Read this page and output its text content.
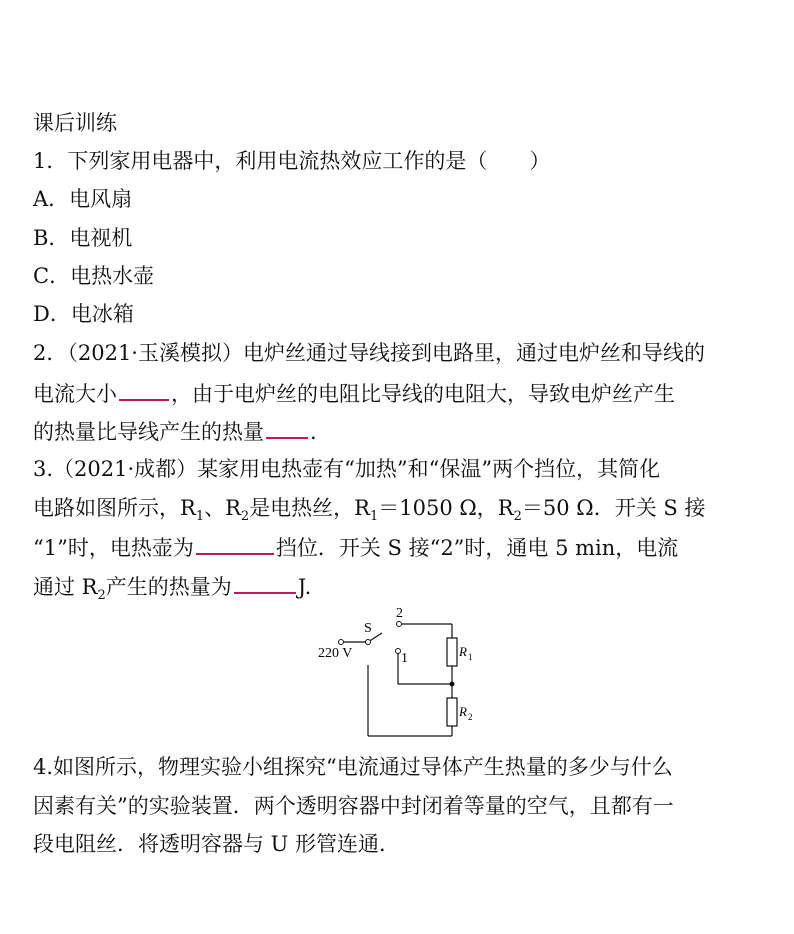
课后训练
1．下列家用电器中，利用电流热效应工作的是（ ）
A．电风扇
B．电视机
C．电热水壶
D．电冰箱
2．（2021·玉溪模拟）电炉丝通过导线接到电路里，通过电炉丝和导线的
电流大小	，由于电炉丝的电阻比导线的电阻大，导致电炉丝产生
的热量比导线产生的热量 .
3.（2021·成都）某家用电热壶有“加热”和“保温”两个挡位，其简化
电路如图所示，$R_1$、$R_2$是电热丝，$R_1=1050$ Ω，$R_2=50$ Ω．开关 S 接
“1”时，电热壶为	挡位．开关 S 接“2”时，通电 5 min，电流
通过 $R_2$产生的热量为	J.
S
2
1
220 V	R 1
R 2
4.如图所示，物理实验小组探究“电流通过导体产生热量的多少与什么
因素有关”的实验装置．两个透明容器中封闭着等量的空气，且都有一
段电阻丝．将透明容器与 U 形管连通．
